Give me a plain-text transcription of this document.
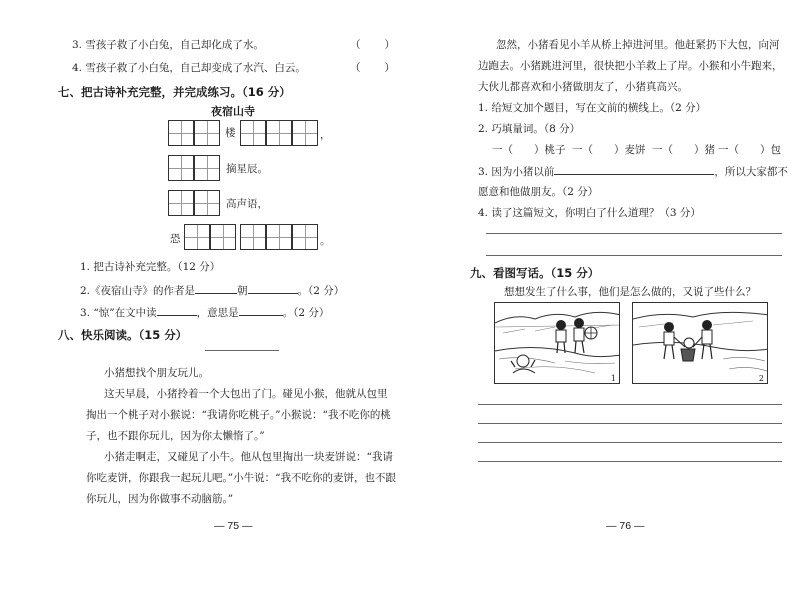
3. 雪孩子救了小白兔，自己却化成了水。	（　　）
4. 雪孩子救了小白兔，自己却变成了水汽、白云。	（　　）
七、把古诗补充完整，并完成练习。（16 分）
夜宿山寺
楼	，
摘星辰。
高声语，
恐	。
1. 把古诗补充完整。（12 分）
2.《夜宿山寺》的作者是	朝	。（2 分）
3. “惊”在文中读	，意思是	。（2 分）
八、快乐阅读。（15 分）
小猪想找个朋友玩儿。
这天早晨，小猪拎着一个大包出了门。碰见小猴，他就从包里
掏出一个桃子对小猴说：“我请你吃桃子。”小猴说：“我不吃你的桃
子，也不跟你玩儿，因为你太懒惰了。”
小猪走啊走，又碰见了小牛。他从包里掏出一块麦饼说：“我请
你吃麦饼，你跟我一起玩儿吧。”小牛说：“我不吃你的麦饼，也不跟
你玩儿，因为你做事不动脑筋。”
— 75 —
忽然，小猪看见小羊从桥上掉进河里。他赶紧扔下大包，向河
边跑去。小猪跳进河里，很快把小羊救上了岸。小猴和小牛跑来，
大伙儿都喜欢和小猪做朋友了，小猪真高兴。
1. 给短文加个题目，写在文前的横线上。（2 分）
2. 巧填量词。（8 分）
一（　　）桃子 一（　　）麦饼 一（　　）猪 一（　　）包
3. 因为小猪以前	，所以大家都不
愿意和他做朋友。（2 分）
4. 读了这篇短文，你明白了什么道理？（3 分）
九、看图写话。（15 分）
想想发生了什么事，他们是怎么做的，又说了些什么？
1	2
— 76 —
